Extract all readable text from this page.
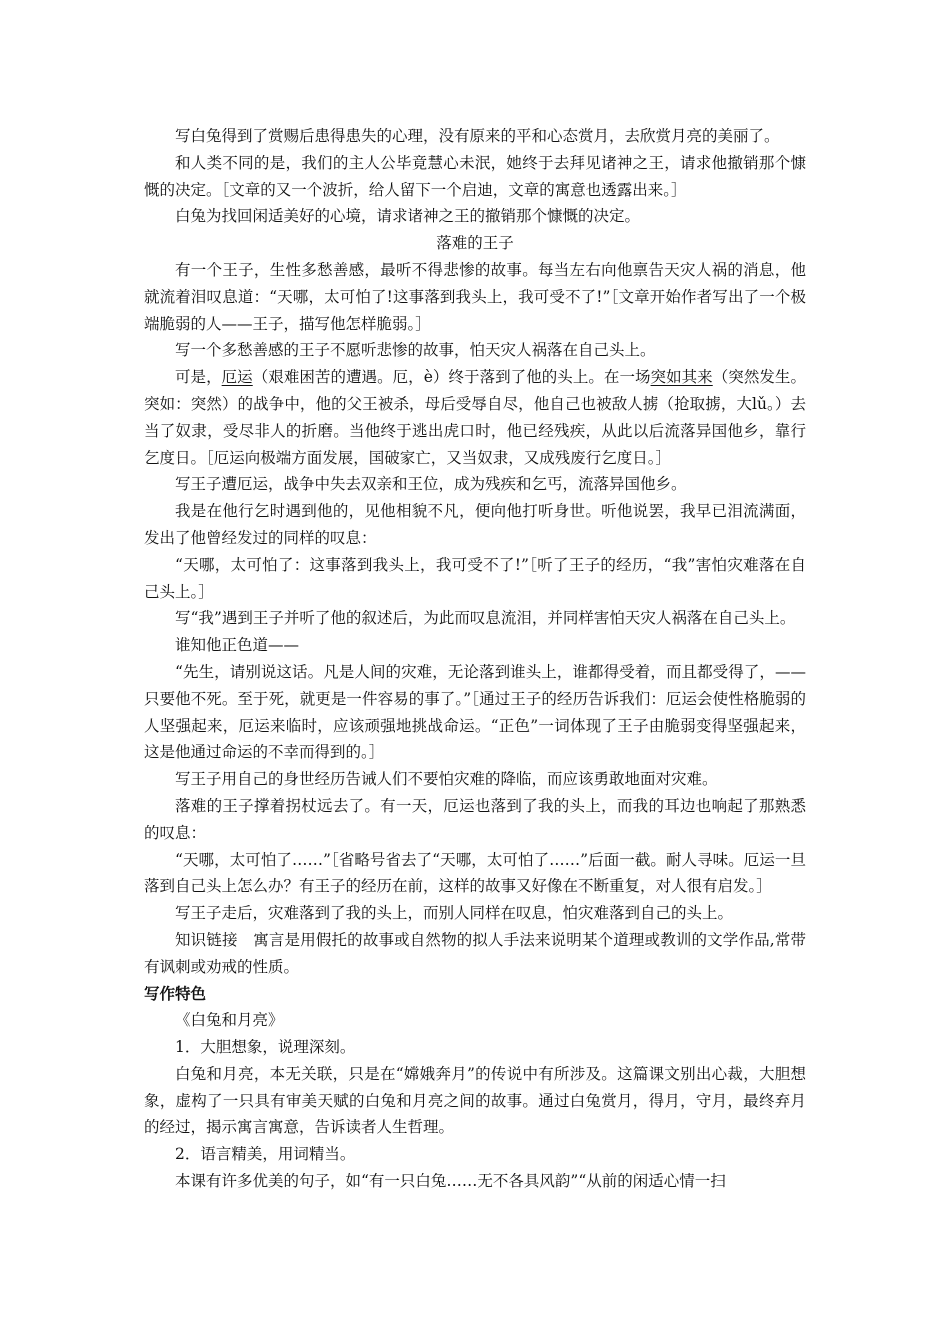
写白兔得到了赏赐后患得患失的心理，没有原来的平和心态赏月，去欣赏月亮的美丽了。

和人类不同的是，我们的主人公毕竟慧心未泯，她终于去拜见诸神之王，请求他撤销那个慷慨的决定。［文章的又一个波折，给人留下一个启迪，文章的寓意也透露出来。］

白兔为找回闲适美好的心境，请求诸神之王的撤销那个慷慨的决定。

落难的王子

有一个王子，生性多愁善感，最听不得悲惨的故事。每当左右向他禀告天灾人祸的消息，他就流着泪叹息道：“天哪，太可怕了!这事落到我头上，我可受不了!”［文章开始作者写出了一个极端脆弱的人——王子，描写他怎样脆弱。］

写一个多愁善感的王子不愿听悲惨的故事，怕天灾人祸落在自己头上。

可是，厄运（艰难困苦的遭遇。厄，è）终于落到了他的头上。在一场突如其来（突然发生。突如：突然）的战争中，他的父王被杀，母后受辱自尽，他自己也被敌人掳（抢取掳，大lǔ。）去当了奴隶，受尽非人的折磨。当他终于逃出虎口时，他已经残疾，从此以后流落异国他乡，靠行乞度日。［厄运向极端方面发展，国破家亡，又当奴隶，又成残废行乞度日。］

写王子遭厄运，战争中失去双亲和王位，成为残疾和乞丐，流落异国他乡。

我是在他行乞时遇到他的，见他相貌不凡，便向他打听身世。听他说罢，我早已泪流满面，发出了他曾经发过的同样的叹息：

“天哪，太可怕了：这事落到我头上，我可受不了!”［听了王子的经历，“我”害怕灾难落在自己头上。］

写“我”遇到王子并听了他的叙述后，为此而叹息流泪，并同样害怕天灾人祸落在自己头上。

谁知他正色道——

“先生，请别说这话。凡是人间的灾难，无论落到谁头上，谁都得受着，而且都受得了，——只要他不死。至于死，就更是一件容易的事了。”［通过王子的经历告诉我们：厄运会使性格脆弱的人坚强起来，厄运来临时，应该顽强地挑战命运。“正色”一词体现了王子由脆弱变得坚强起来，这是他通过命运的不幸而得到的。］

写王子用自己的身世经历告诫人们不要怕灾难的降临，而应该勇敢地面对灾难。

落难的王子撑着拐杖远去了。有一天，厄运也落到了我的头上，而我的耳边也响起了那熟悉的叹息：

“天哪，太可怕了……”［省略号省去了“天哪，太可怕了……”后面一截。耐人寻味。厄运一旦落到自己头上怎么办？有王子的经历在前，这样的故事又好像在不断重复，对人很有启发。］

写王子走后，灾难落到了我的头上，而别人同样在叹息，怕灾难落到自己的头上。

知识链接　寓言是用假托的故事或自然物的拟人手法来说明某个道理或教训的文学作品,常带有讽刺或劝戒的性质。

写作特色

《白兔和月亮》

1．大胆想象，说理深刻。

白兔和月亮，本无关联，只是在“嫦娥奔月”的传说中有所涉及。这篇课文别出心裁，大胆想象，虚构了一只具有审美天赋的白兔和月亮之间的故事。通过白兔赏月，得月，守月，最终弃月的经过，揭示寓言寓意，告诉读者人生哲理。

2．语言精美，用词精当。

本课有许多优美的句子，如“有一只白兔……无不各具风韵”“从前的闲适心情一扫
